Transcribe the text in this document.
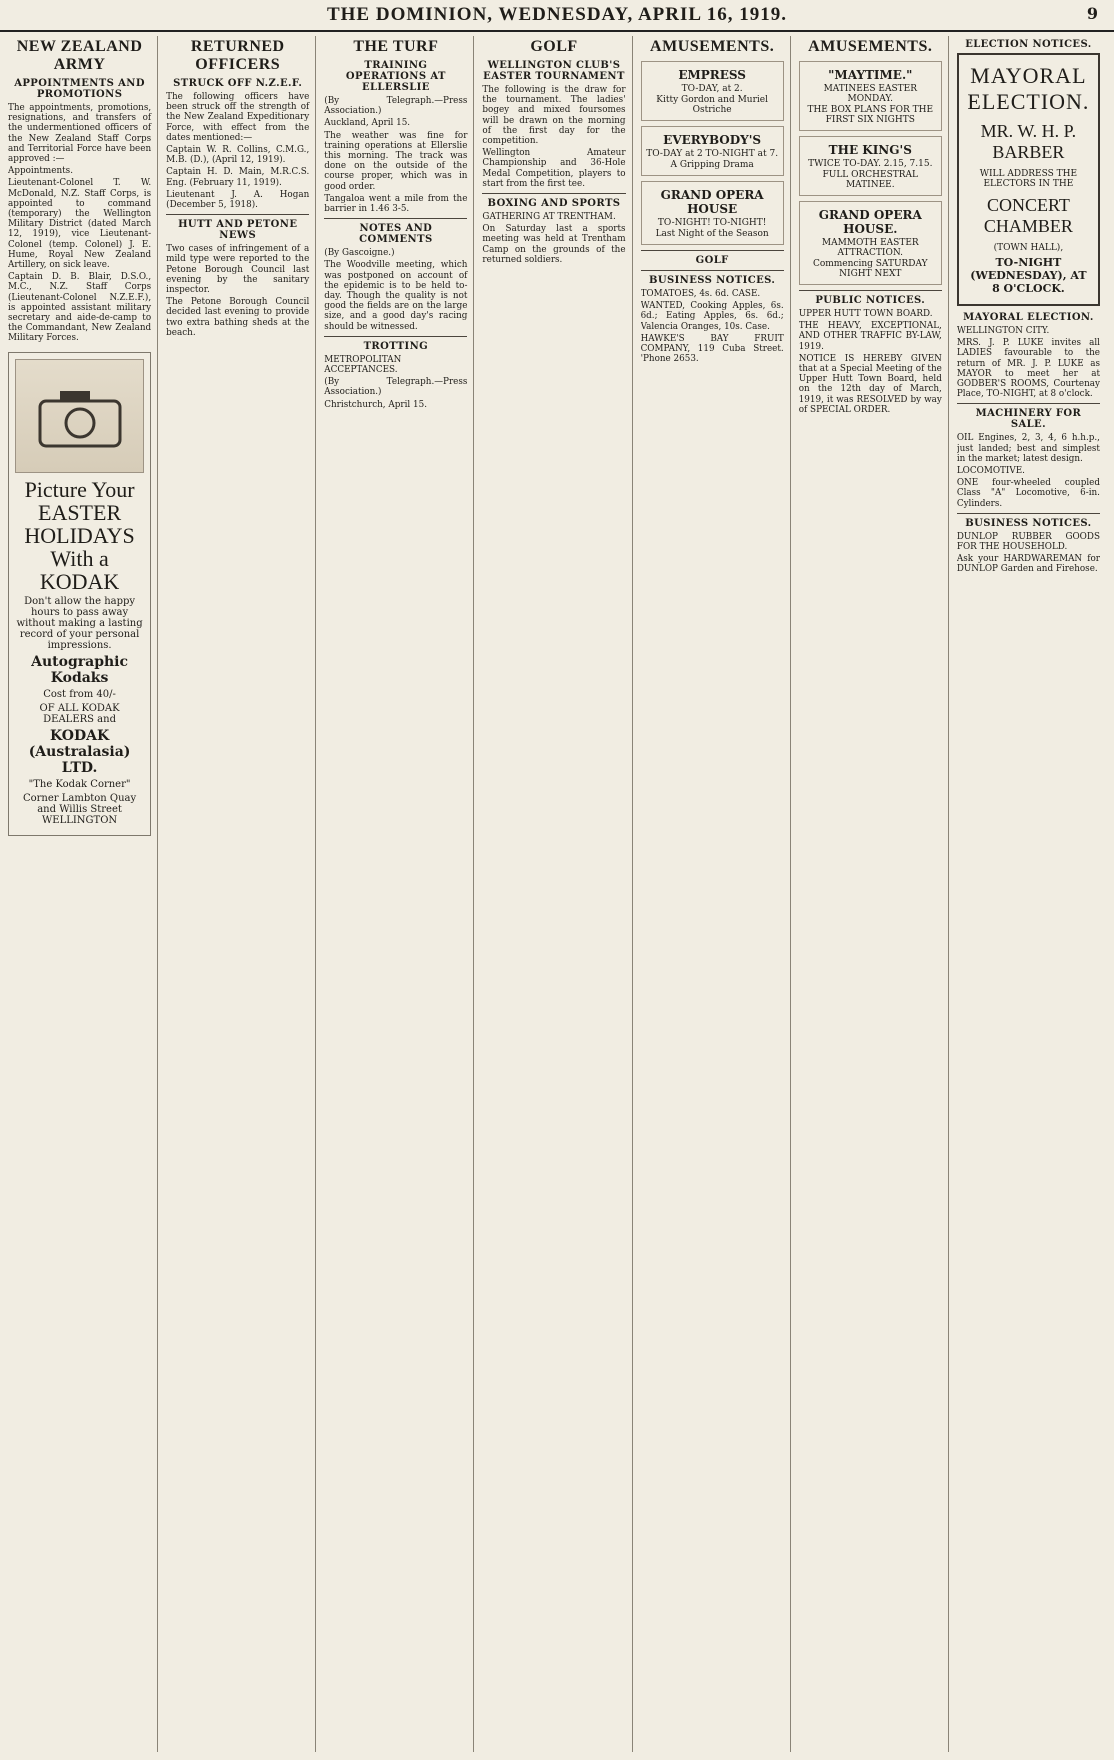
THE DOMINION, WEDNESDAY, APRIL 16, 1919.	9
NEW ZEALAND ARMY
APPOINTMENTS AND PROMOTIONS

The appointments, promotions, resignations, and transfers of the undermentioned officers of the New Zealand Staff Corps and Territorial Force have been approved :—

Appointments.

Lieutenant-Colonel T. W. McDonald, N.Z. Staff Corps, is appointed to command (temporary) the Wellington Military District (dated March 12, 1919), vice Lieutenant-Colonel (temp. Colonel) J. E. Hume, Royal New Zealand Artillery, on sick leave.

Captain D. B. Blair, D.S.O., M.C., N.Z. Staff Corps (Lieutenant-Colonel N.Z.E.F.), is appointed assistant military secretary and aide-de-camp to the Commandant, New Zealand Military Forces.

Picture Your EASTER HOLIDAYS With a KODAK
Don't allow the happy hours to pass away without making a lasting record of your personal impressions.
Autographic Kodaks
Cost from 40/-
OF ALL KODAK DEALERS and
KODAK (Australasia) LTD.
"The Kodak Corner"
Corner Lambton Quay and Willis Street WELLINGTON
RETURNED OFFICERS
STRUCK OFF N.Z.E.F.

The following officers have been struck off the strength of the New Zealand Expeditionary Force, with effect from the dates mentioned:—

Captain W. R. Collins, C.M.G., M.B. (D.), (April 12, 1919).

Captain H. D. Main, M.R.C.S. Eng. (February 11, 1919).

Lieutenant J. A. Hogan (December 5, 1918).

HUTT AND PETONE NEWS

Two cases of infringement of a mild type were reported to the Petone Borough Council last evening by the sanitary inspector.

The Petone Borough Council decided last evening to provide two extra bathing sheds at the beach.

THE TURF
TRAINING OPERATIONS AT ELLERSLIE

(By Telegraph.—Press Association.)

Auckland, April 15.

The weather was fine for training operations at Ellerslie this morning. The track was done on the outside of the course proper, which was in good order.

Tangaloa went a mile from the barrier in 1.46 3-5.

NOTES AND COMMENTS

(By Gascoigne.)

The Woodville meeting, which was postponed on account of the epidemic is to be held to-day. Though the quality is not good the fields are on the large size, and a good day's racing should be witnessed.

TROTTING

METROPOLITAN ACCEPTANCES.

(By Telegraph.—Press Association.)

Christchurch, April 15.

GOLF
WELLINGTON CLUB'S EASTER TOURNAMENT

The following is the draw for the tournament. The ladies' bogey and mixed foursomes will be drawn on the morning of the first day for the competition.

Wellington Amateur Championship and 36-Hole Medal Competition, players to start from the first tee.

BOXING AND SPORTS

GATHERING AT TRENTHAM.

On Saturday last a sports meeting was held at Trentham Camp on the grounds of the returned soldiers.

AMUSEMENTS.
EMPRESS
TO-DAY, at 2.
Kitty Gordon and Muriel Ostriche
EVERYBODY'S
TO-DAY at 2 TO-NIGHT at 7.
A Gripping Drama
GRAND OPERA HOUSE
TO-NIGHT! TO-NIGHT!
Last Night of the Season
GOLF
BUSINESS NOTICES.

TOMATOES, 4s. 6d. CASE.

WANTED, Cooking Apples, 6s. 6d.; Eating Apples, 6s. 6d.; Valencia Oranges, 10s. Case.

HAWKE'S BAY FRUIT COMPANY, 119 Cuba Street. 'Phone 2653.

AMUSEMENTS.
"MAYTIME."
MATINEES EASTER MONDAY.
THE BOX PLANS FOR THE FIRST SIX NIGHTS
THE KING'S
TWICE TO-DAY. 2.15, 7.15.
FULL ORCHESTRAL MATINEE.
GRAND OPERA HOUSE.
MAMMOTH EASTER ATTRACTION.
Commencing SATURDAY NIGHT NEXT
PUBLIC NOTICES.

UPPER HUTT TOWN BOARD.

THE HEAVY, EXCEPTIONAL, AND OTHER TRAFFIC BY-LAW, 1919.

NOTICE IS HEREBY GIVEN that at a Special Meeting of the Upper Hutt Town Board, held on the 12th day of March, 1919, it was RESOLVED by way of SPECIAL ORDER.

ELECTION NOTICES.
MAYORAL ELECTION.
MR. W. H. P. BARBER
WILL ADDRESS THE ELECTORS IN THE
CONCERT CHAMBER
(TOWN HALL),
TO-NIGHT (WEDNESDAY), AT 8 O'CLOCK.
MAYORAL ELECTION.

WELLINGTON CITY.

MRS. J. P. LUKE invites all LADIES favourable to the return of MR. J. P. LUKE as MAYOR to meet her at GODBER'S ROOMS, Courtenay Place, TO-NIGHT, at 8 o'clock.

MACHINERY FOR SALE.

OIL Engines, 2, 3, 4, 6 h.h.p., just landed; best and simplest in the market; latest design.

LOCOMOTIVE.

ONE four-wheeled coupled Class "A" Locomotive, 6-in. Cylinders.

BUSINESS NOTICES.

DUNLOP RUBBER GOODS FOR THE HOUSEHOLD.

Ask your HARDWAREMAN for DUNLOP Garden and Firehose.
